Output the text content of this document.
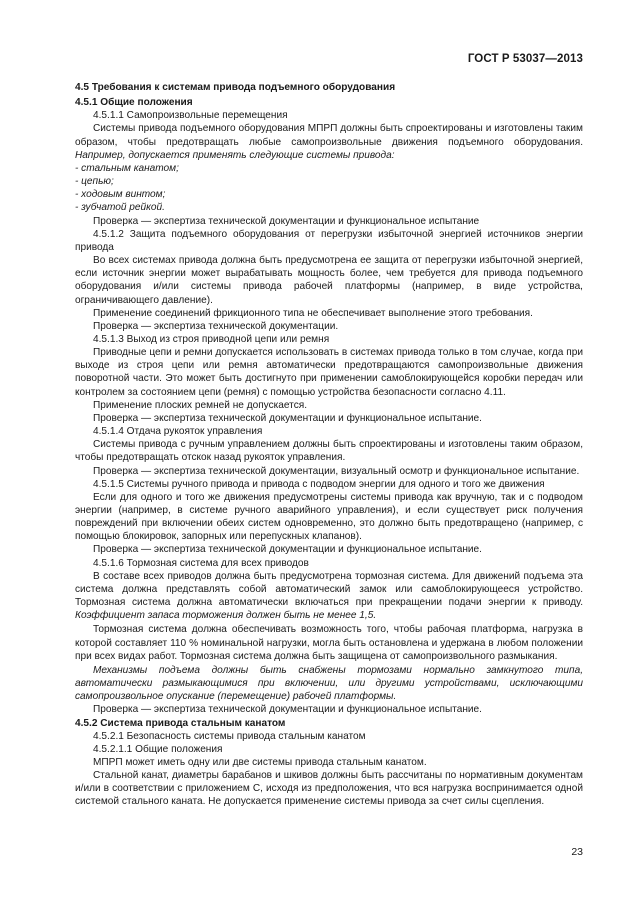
ГОСТ Р 53037—2013

4.5 Требования к системам привода подъемного оборудования

4.5.1 Общие положения

4.5.1.1 Самопроизвольные перемещения

Системы привода подъемного оборудования МПРП должны быть спроектированы и изготовлены таким образом, чтобы предотвращать любые самопроизвольные движения подъемного оборудования. Например, допускается применять следующие системы привода:

- стальным канатом;

- цепью;

- ходовым винтом;

- зубчатой рейкой.

Проверка — экспертиза технической документации и функциональное испытание

4.5.1.2 Защита подъемного оборудования от перегрузки избыточной энергией источников энергии привода

Во всех системах привода должна быть предусмотрена ее защита от перегрузки избыточной энергией, если источник энергии может вырабатывать мощность более, чем требуется для привода подъемного оборудования и/или системы привода рабочей платформы (например, в виде устройства, ограничивающего давление).

Применение соединений фрикционного типа не обеспечивает выполнение этого требования.

Проверка — экспертиза технической документации.

4.5.1.3 Выход из строя приводной цепи или ремня

Приводные цепи и ремни допускается использовать в системах привода только в том случае, когда при выходе из строя цепи или ремня автоматически предотвращаются самопроизвольные движения поворотной части. Это может быть достигнуто при применении самоблокирующейся коробки передач или контролем за состоянием цепи (ремня) с помощью устройства безопасности согласно 4.11.

Применение плоских ремней не допускается.

Проверка — экспертиза технической документации и функциональное испытание.

4.5.1.4 Отдача рукояток управления

Системы привода с ручным управлением должны быть спроектированы и изготовлены таким образом, чтобы предотвращать отскок назад рукояток управления.

Проверка — экспертиза технической документации, визуальный осмотр и функциональное испытание.

4.5.1.5 Системы ручного привода и привода с подводом энергии для одного и того же движения

Если для одного и того же движения предусмотрены системы привода как вручную, так и с подводом энергии (например, в системе ручного аварийного управления), и если существует риск получения повреждений при включении обеих систем одновременно, это должно быть предотвращено (например, с помощью блокировок, запорных или перепускных клапанов).

Проверка — экспертиза технической документации и функциональное испытание.

4.5.1.6 Тормозная система для всех приводов

В составе всех приводов должна быть предусмотрена тормозная система. Для движений подъема эта система должна представлять собой автоматический замок или самоблокирующееся устройство. Тормозная система должна автоматически включаться при прекращении подачи энергии к приводу. Коэффициент запаса торможения должен быть не менее 1,5.

Тормозная система должна обеспечивать возможность того, чтобы рабочая платформа, нагрузка в которой составляет 110 % номинальной нагрузки, могла быть остановлена и удержана в любом положении при всех видах работ. Тормозная система должна быть защищена от самопроизвольного размыкания.

Механизмы подъема должны быть снабжены тормозами нормально замкнутого типа, автоматически размыкающимися при включении, или другими устройствами, исключающими самопроизвольное опускание (перемещение) рабочей платформы.

Проверка — экспертиза технической документации и функциональное испытание.

4.5.2 Система привода стальным канатом

4.5.2.1 Безопасность системы привода стальным канатом

4.5.2.1.1 Общие положения

МПРП может иметь одну или две системы привода стальным канатом.

Стальной канат, диаметры барабанов и шкивов должны быть рассчитаны по нормативным документам и/или в соответствии с приложением С, исходя из предположения, что вся нагрузка воспринимается одной системой стального каната. Не допускается применение системы привода за счет силы сцепления.

23
